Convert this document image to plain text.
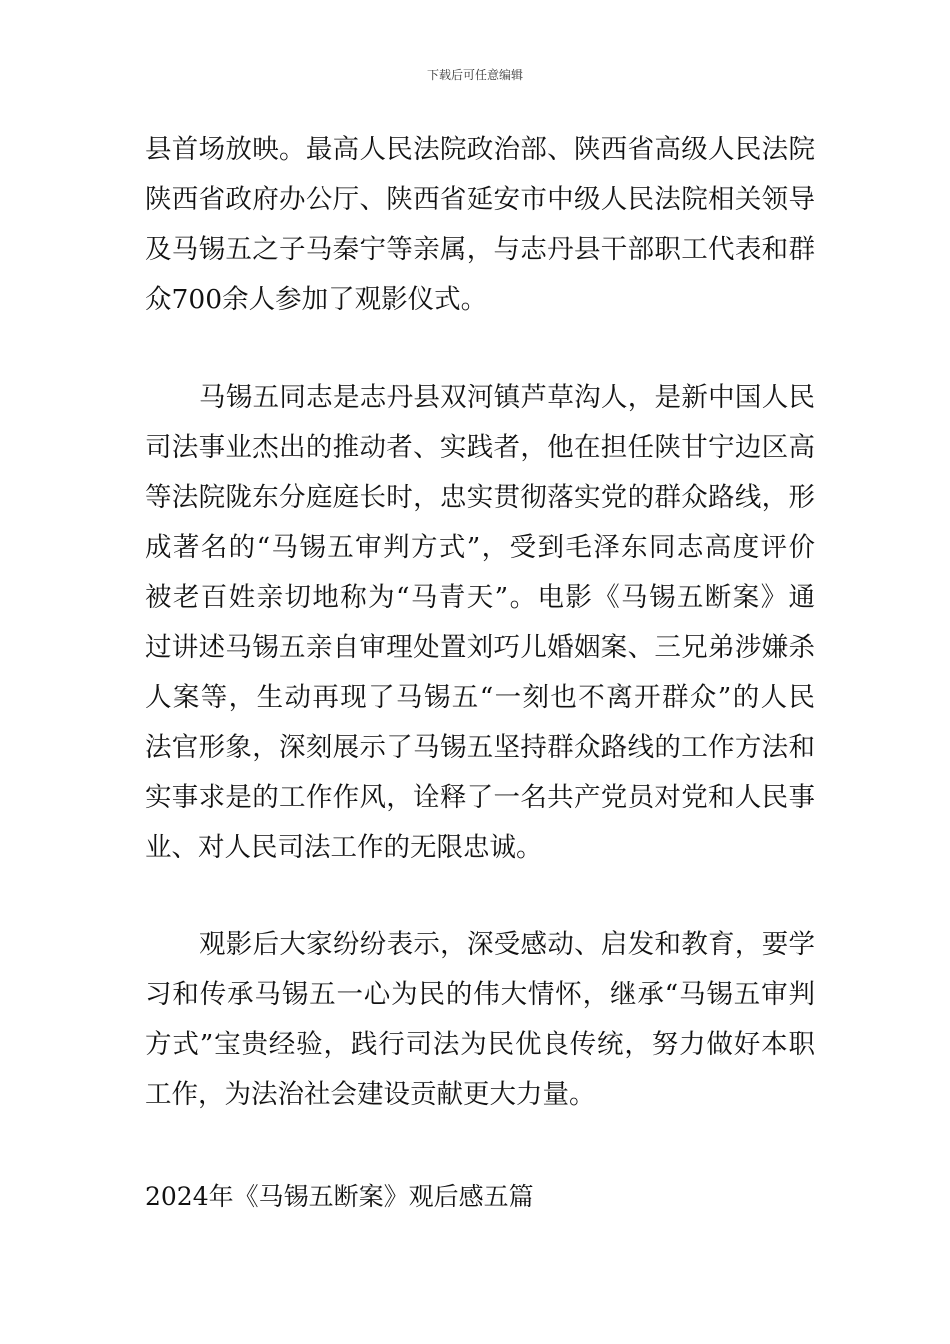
下载后可任意编辑
县首场放映。最高人民法院政治部、陕西省高级人民法院
陕西省政府办公厅、陕西省延安市中级人民法院相关领导
及马锡五之子马秦宁等亲属，与志丹县干部职工代表和群
众700余人参加了观影仪式。
马锡五同志是志丹县双河镇芦草沟人，是新中国人民
司法事业杰出的推动者、实践者，他在担任陕甘宁边区高
等法院陇东分庭庭长时，忠实贯彻落实党的群众路线，形
成著名的“马锡五审判方式”，受到毛泽东同志高度评价
被老百姓亲切地称为“马青天”。电影《马锡五断案》通
过讲述马锡五亲自审理处置刘巧儿婚姻案、三兄弟涉嫌杀
人案等，生动再现了马锡五“一刻也不离开群众”的人民
法官形象，深刻展示了马锡五坚持群众路线的工作方法和
实事求是的工作作风，诠释了一名共产党员对党和人民事
业、对人民司法工作的无限忠诚。
观影后大家纷纷表示，深受感动、启发和教育，要学
习和传承马锡五一心为民的伟大情怀，继承“马锡五审判
方式”宝贵经验，践行司法为民优良传统，努力做好本职
工作，为法治社会建设贡献更大力量。
2024年《马锡五断案》观后感五篇
